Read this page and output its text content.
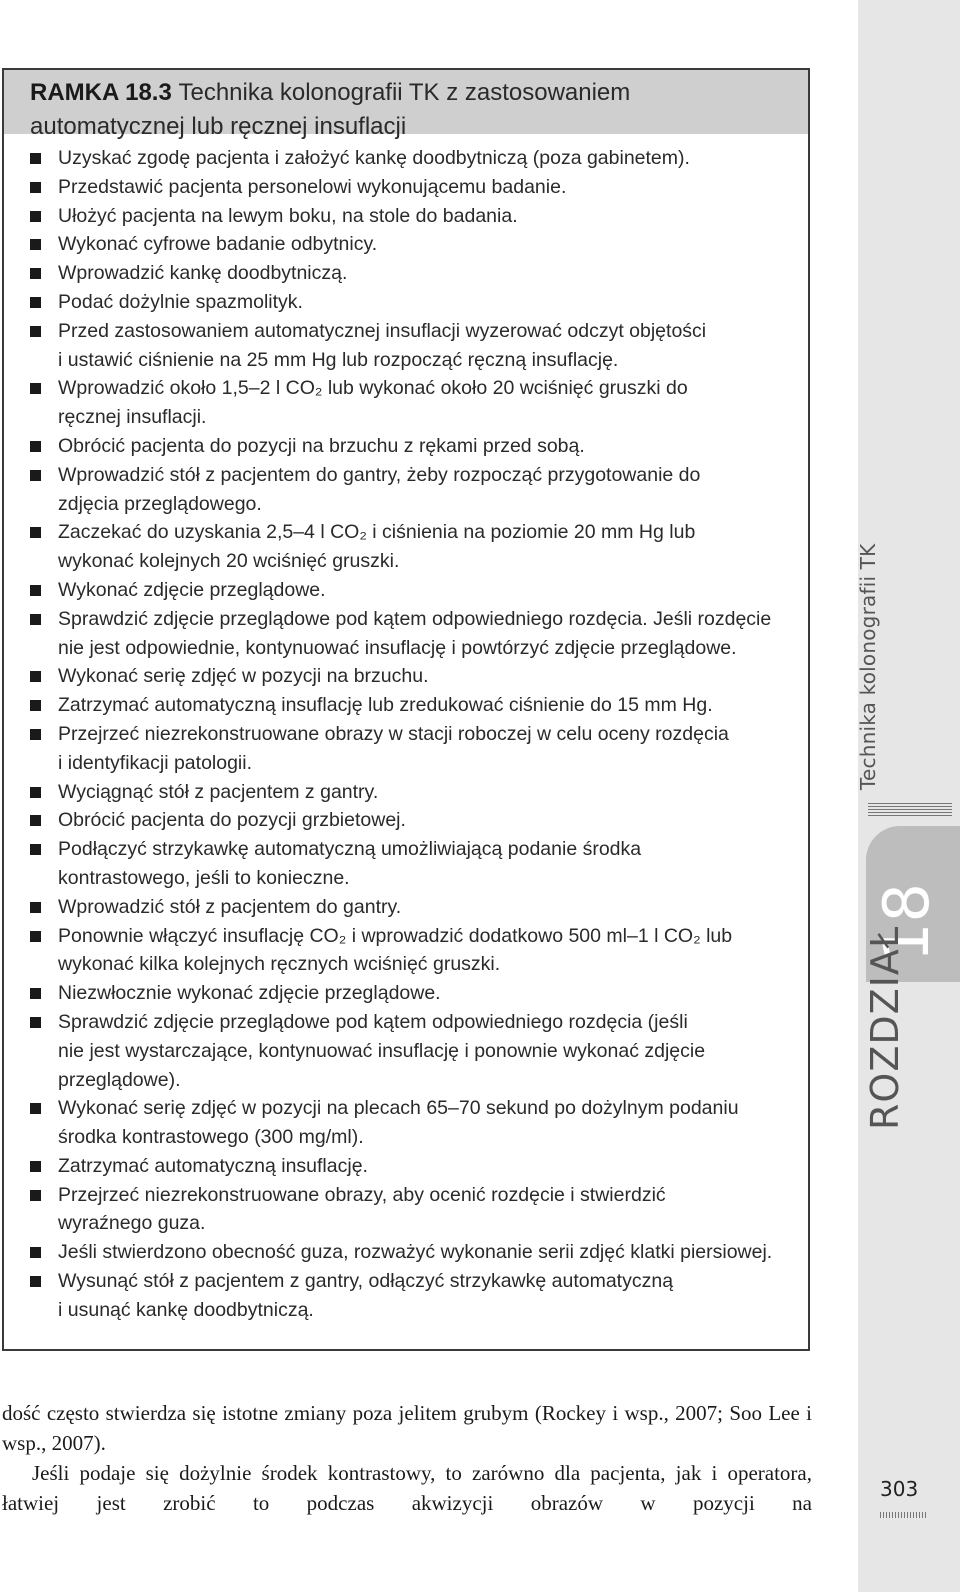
Technika kolonografii TK
18
ROZDZIAŁ
303
RAMKA 18.3 Technika kolonografii TK z zastosowaniem automatycznej lub ręcznej insuflacji
Uzyskać zgodę pacjenta i założyć kankę doodbytniczą (poza gabinetem).
Przedstawić pacjenta personelowi wykonującemu badanie.
Ułożyć pacjenta na lewym boku, na stole do badania.
Wykonać cyfrowe badanie odbytnicy.
Wprowadzić kankę doodbytniczą.
Podać dożylnie spazmolityk.
Przed zastosowaniem automatycznej insuflacji wyzerować odczyt objętości
i ustawić ciśnienie na 25 mm Hg lub rozpocząć ręczną insuflację.
Wprowadzić około 1,5–2 l CO₂ lub wykonać około 20 wciśnięć gruszki do
ręcznej insuflacji.
Obrócić pacjenta do pozycji na brzuchu z rękami przed sobą.
Wprowadzić stół z pacjentem do gantry, żeby rozpocząć przygotowanie do
zdjęcia przeglądowego.
Zaczekać do uzyskania 2,5–4 l CO₂ i ciśnienia na poziomie 20 mm Hg lub
wykonać kolejnych 20 wciśnięć gruszki.
Wykonać zdjęcie przeglądowe.
Sprawdzić zdjęcie przeglądowe pod kątem odpowiedniego rozdęcia. Jeśli rozdęcie
nie jest odpowiednie, kontynuować insuflację i powtórzyć zdjęcie przeglądowe.
Wykonać serię zdjęć w pozycji na brzuchu.
Zatrzymać automatyczną insuflację lub zredukować ciśnienie do 15 mm Hg.
Przejrzeć niezrekonstruowane obrazy w stacji roboczej w celu oceny rozdęcia
i identyfikacji patologii.
Wyciągnąć stół z pacjentem z gantry.
Obrócić pacjenta do pozycji grzbietowej.
Podłączyć strzykawkę automatyczną umożliwiającą podanie środka
kontrastowego, jeśli to konieczne.
Wprowadzić stół z pacjentem do gantry.
Ponownie włączyć insuflację CO₂ i wprowadzić dodatkowo 500 ml–1 l CO₂ lub
wykonać kilka kolejnych ręcznych wciśnięć gruszki.
Niezwłocznie wykonać zdjęcie przeglądowe.
Sprawdzić zdjęcie przeglądowe pod kątem odpowiedniego rozdęcia (jeśli
nie jest wystarczające, kontynuować insuflację i ponownie wykonać zdjęcie
przeglądowe).
Wykonać serię zdjęć w pozycji na plecach 65–70 sekund po dożylnym podaniu
środka kontrastowego (300 mg/ml).
Zatrzymać automatyczną insuflację.
Przejrzeć niezrekonstruowane obrazy, aby ocenić rozdęcie i stwierdzić
wyraźnego guza.
Jeśli stwierdzono obecność guza, rozważyć wykonanie serii zdjęć klatki piersiowej.
Wysunąć stół z pacjentem z gantry, odłączyć strzykawkę automatyczną
i usunąć kankę doodbytniczą.

dość często stwierdza się istotne zmiany poza jelitem grubym (Rockey i wsp., 2007; Soo Lee i wsp., 2007).

Jeśli podaje się dożylnie środek kontrastowy, to zarówno dla pacjenta, jak i operatora, łatwiej jest zrobić to podczas akwizycji obrazów w pozycji na
